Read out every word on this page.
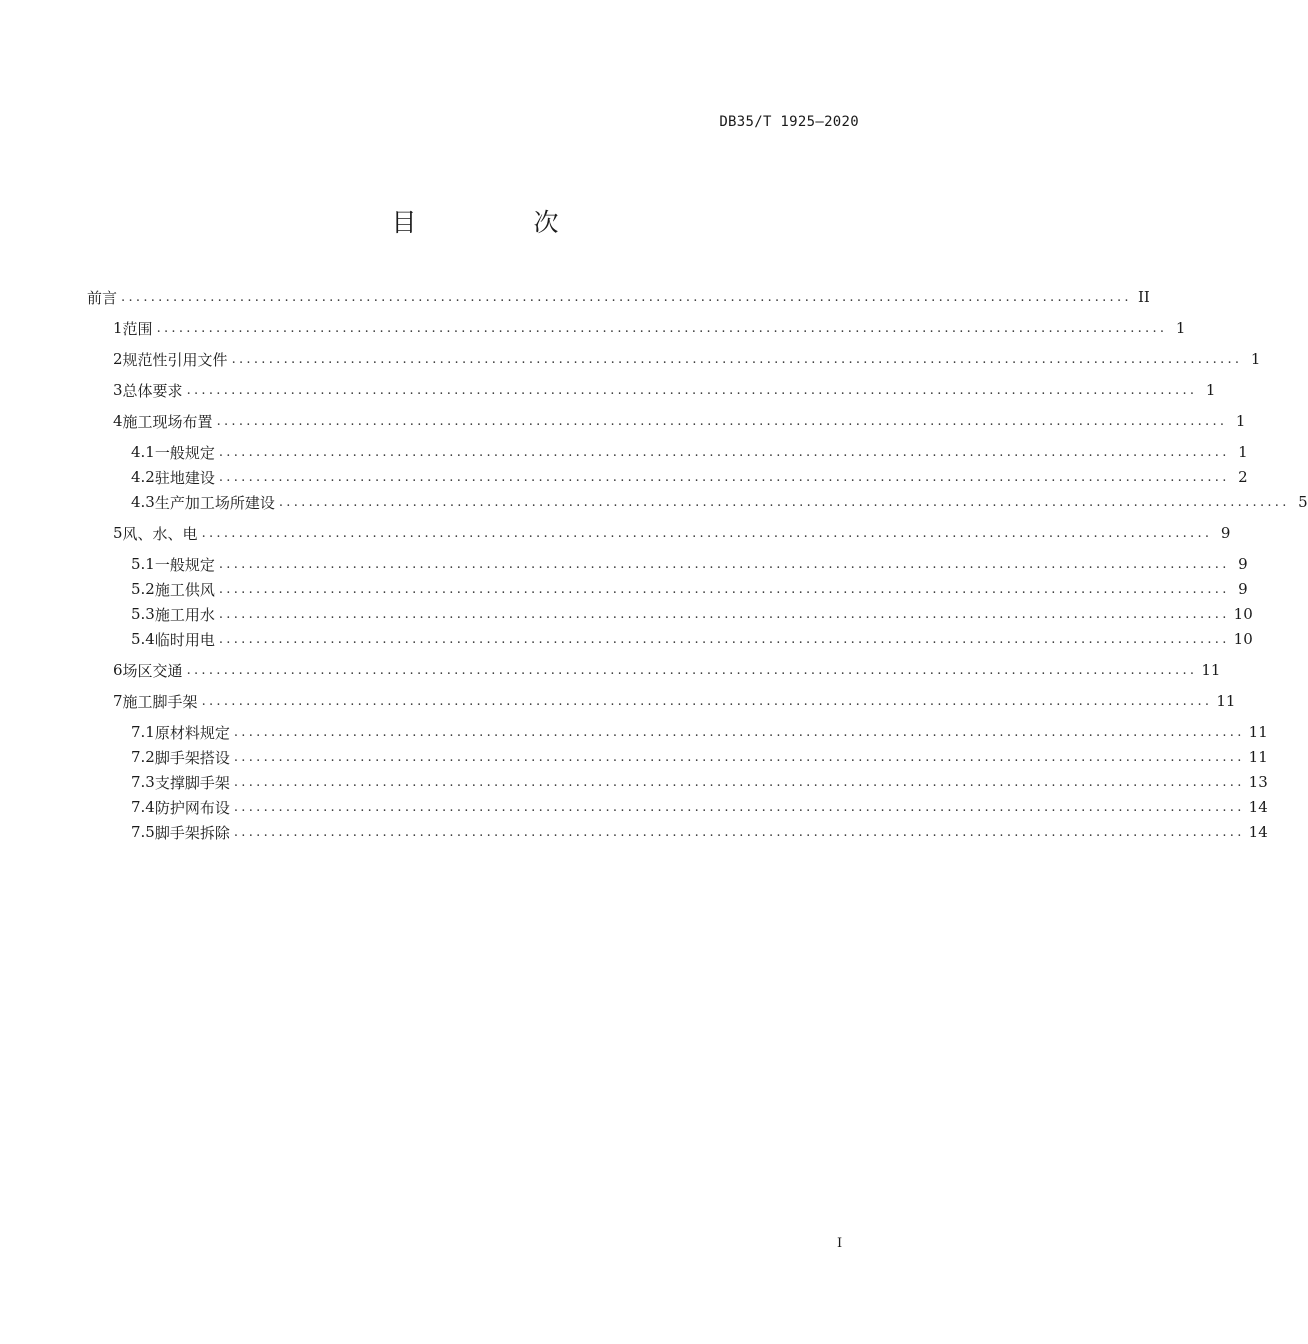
DB35/T 1925—2020
目　次
前言 ........................................................................................................................................ II
1 范围 ........................................................................................................................................ 1
2 规范性引用文件 ........................................................................................................................................ 1
3 总体要求 ........................................................................................................................................ 1
4 施工现场布置 ........................................................................................................................................ 1
4.1 一般规定 ........................................................................................................................................ 1
4.2 驻地建设 ........................................................................................................................................ 2
4.3 生产加工场所建设 ........................................................................................................................................ 5
5 风、水、电 ........................................................................................................................................ 9
5.1 一般规定 ........................................................................................................................................ 9
5.2 施工供风 ........................................................................................................................................ 9
5.3 施工用水 ........................................................................................................................................ 10
5.4 临时用电 ........................................................................................................................................ 10
6 场区交通 ........................................................................................................................................ 11
7 施工脚手架 ........................................................................................................................................ 11
7.1 原材料规定 ........................................................................................................................................ 11
7.2 脚手架搭设 ........................................................................................................................................ 11
7.3 支撑脚手架 ........................................................................................................................................ 13
7.4 防护网布设 ........................................................................................................................................ 14
7.5 脚手架拆除 ........................................................................................................................................ 14
I
